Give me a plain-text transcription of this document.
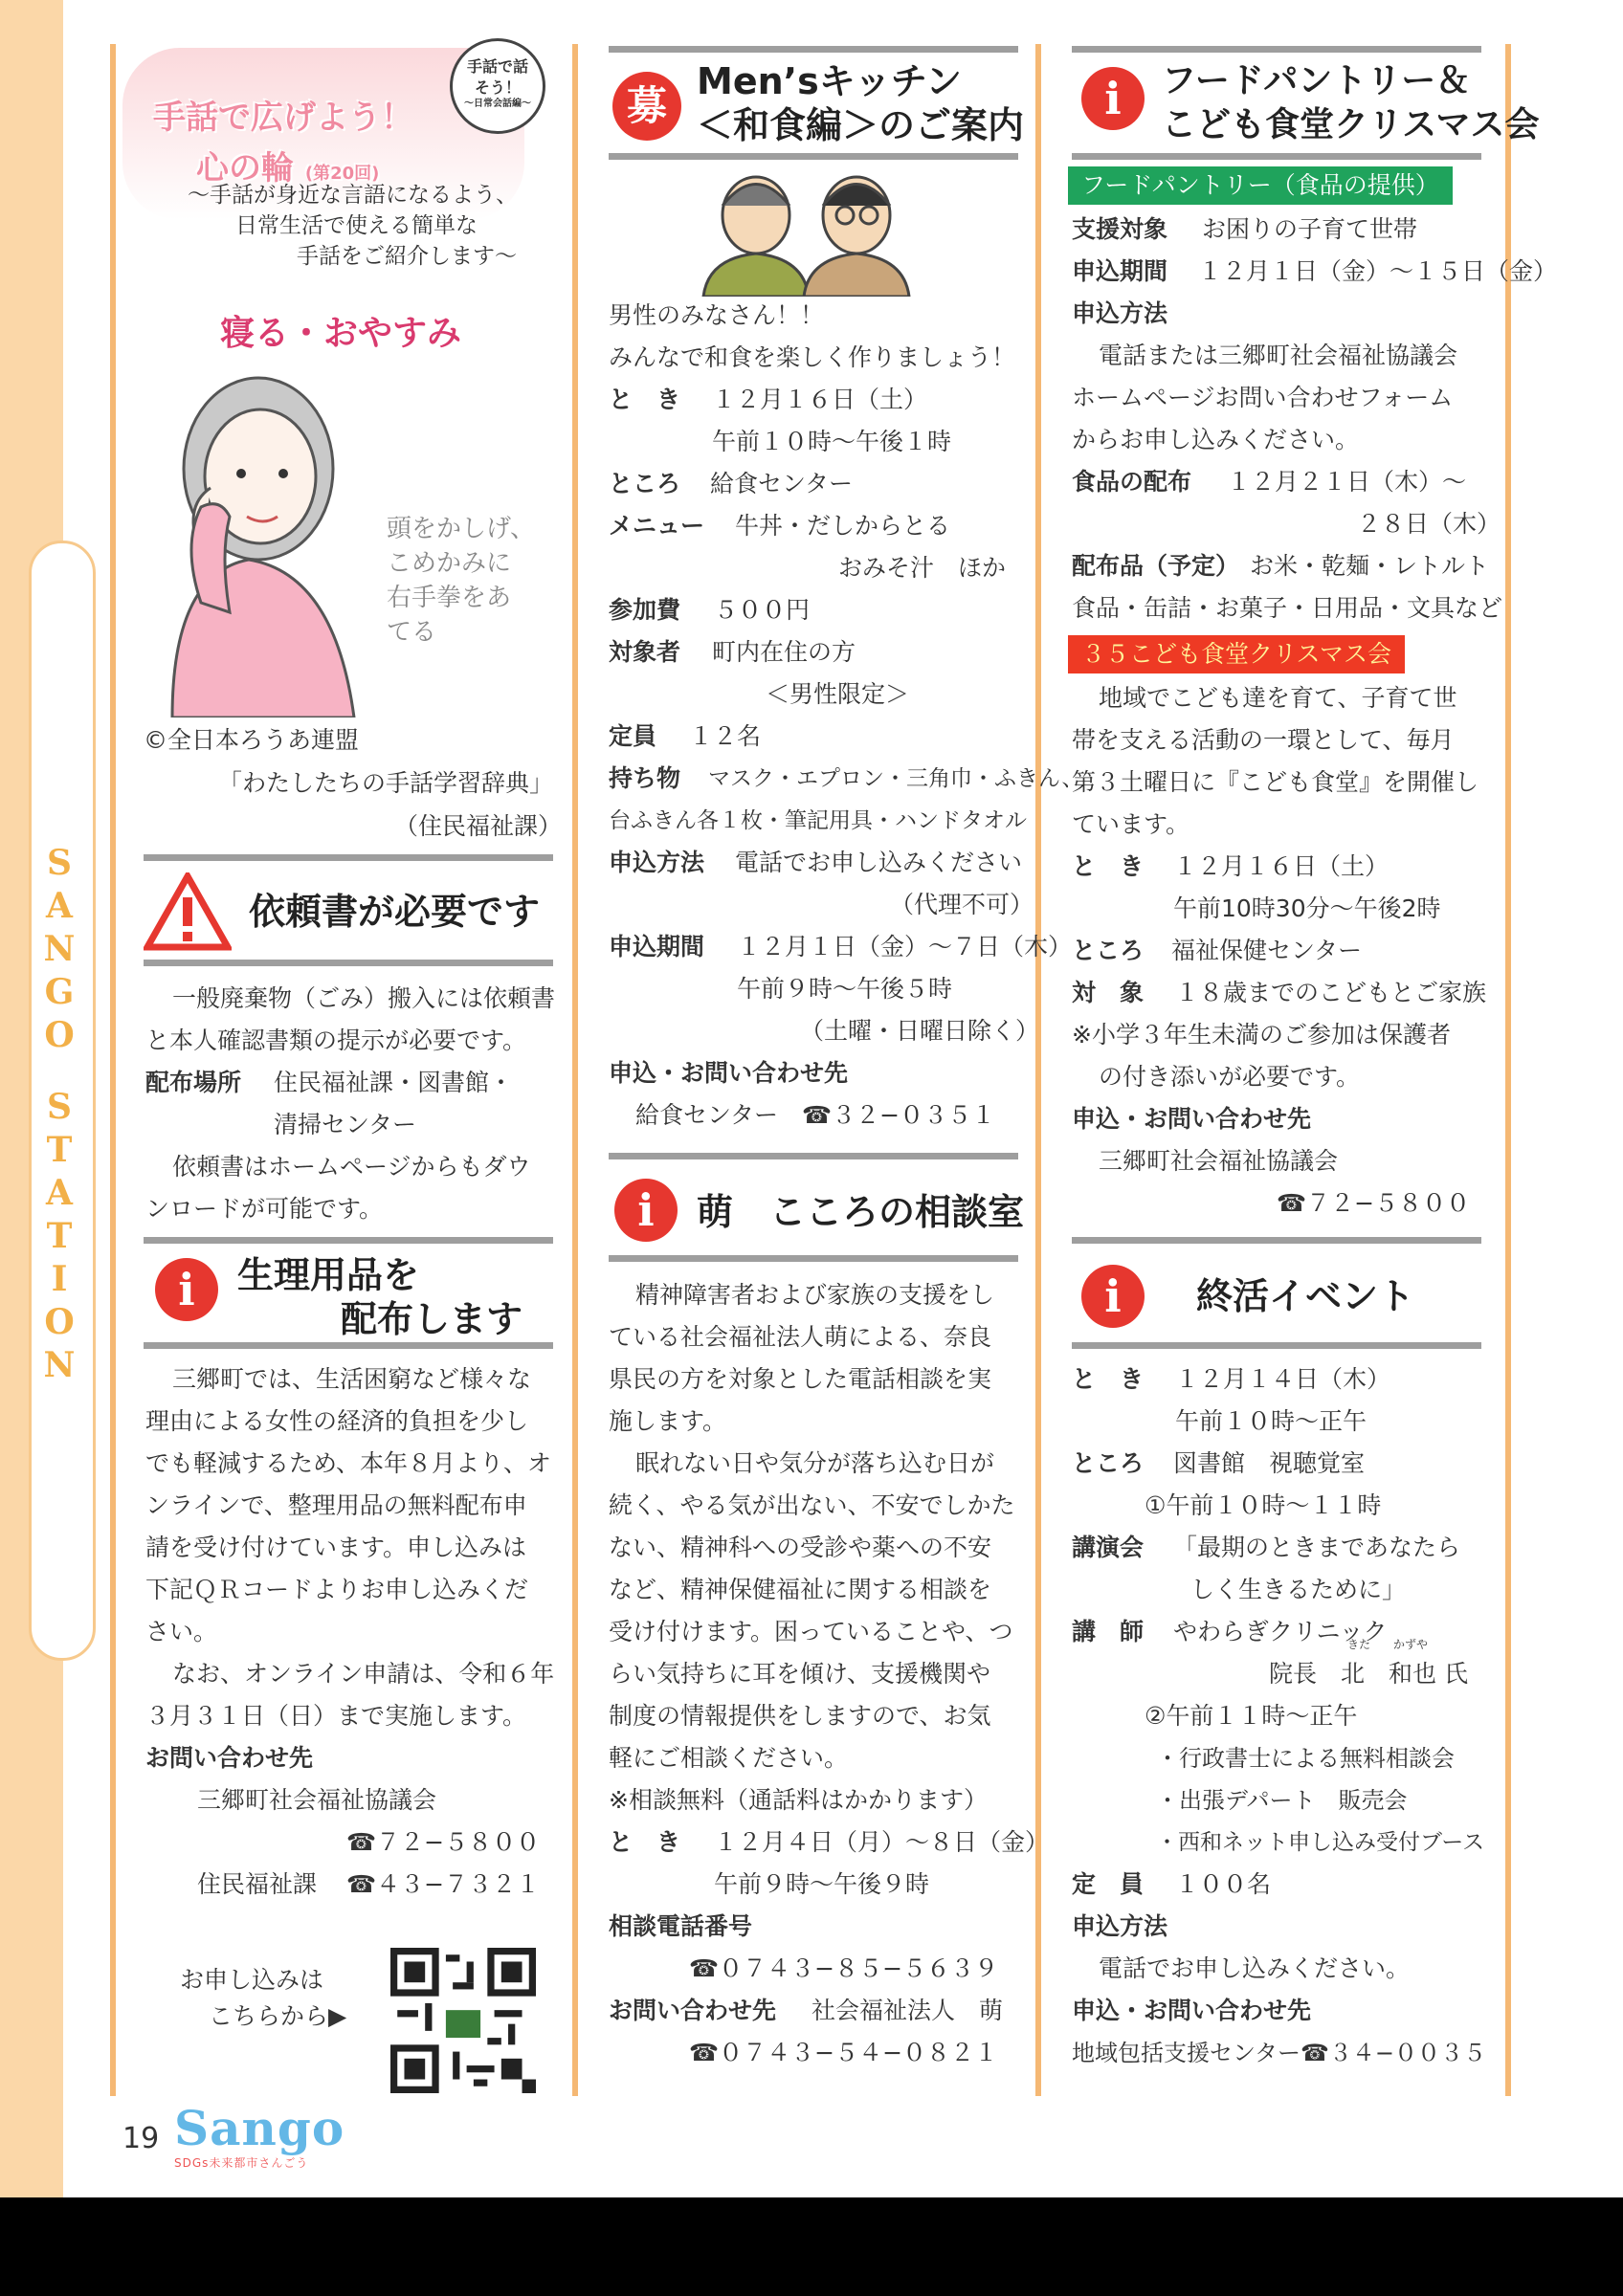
S
A
N
G
O
S
T
A
T
I
O
N
手話で話そう！
〜日常会話編〜
手話で広げよう！
心の輪 (第20回)
〜手話が身近な言語になるよう、
日常生活で使える簡単な
手話をご紹介します〜
寝る・おやすみ
頭をかしげ、
こめかみに
右手拳をあ
てる
©全日本ろうあ連盟
「わたしたちの手話学習辞典」
（住民福祉課）
依頼書が必要です
一般廃棄物（ごみ）搬入には依頼書
と本人確認書類の提示が必要です。
配布場所 住民福祉課・図書館・
清掃センター
依頼書はホームページからもダウ
ンロードが可能です。
i	生理用品を
配布します
三郷町では、生活困窮など様々な
理由による女性の経済的負担を少し
でも軽減するため、本年８月より、オ
ンラインで、整理用品の無料配布申
請を受け付けています。申し込みは
下記ＱＲコードよりお申し込みくだ
さい。
なお、オンライン申請は、令和６年
３月３１日（日）まで実施します。
お問い合わせ先
三郷町社会福祉協議会
☎７２−５８００
住民福祉課 ☎４３−７３２１
お申し込みは
こちらから▶
19 Sango
SDGs未来都市さんごう
募
Men’sキッチン
＜和食編＞のご案内
男性のみなさん！！
みんなで和食を楽しく作りましょう！
と　き １２月１６日（土）
午前１０時〜午後１時
ところ 給食センター
メニュー 牛丼・だしからとる
おみそ汁　ほか
参加費 ５００円
対象者 町内在住の方
＜男性限定＞
定員 １２名
持ち物 マスク・エプロン・三角巾・ふきん、
台ふきん各１枚・筆記用具・ハンドタオル
申込方法 電話でお申し込みください
（代理不可）
申込期間 １２月１日（金）〜７日（木）
午前９時〜午後５時
（土曜・日曜日除く）
申込・お問い合わせ先
給食センター　☎３２−０３５１
i	萌　こころの相談室
精神障害者および家族の支援をし
ている社会福祉法人萌による、奈良
県民の方を対象とした電話相談を実
施します。
眠れない日や気分が落ち込む日が
続く、やる気が出ない、不安でしかた
ない、精神科への受診や薬への不安
など、精神保健福祉に関する相談を
受け付けます。困っていることや、つ
らい気持ちに耳を傾け、支援機関や
制度の情報提供をしますので、お気
軽にご相談ください。
※相談無料（通話料はかかります）
と　き １２月４日（月）〜８日（金）
午前９時〜午後９時
相談電話番号
☎０７４３−８５−５６３９
お問い合わせ先 社会福祉法人　萌
☎０７４３−５４−０８２１
i	フードパントリー＆
こども食堂クリスマス会
フードパントリー（食品の提供）
支援対象 お困りの子育て世帯
申込期間 １２月１日（金）〜１５日（金）
申込方法
電話または三郷町社会福祉協議会
ホームページお問い合わせフォーム
からお申し込みください。
食品の配布 １２月２１日（木）〜
２８日（木）
配布品（予定） お米・乾麺・レトルト
食品・缶詰・お菓子・日用品・文具など
３５こども食堂クリスマス会
地域でこども達を育て、子育て世
帯を支える活動の一環として、毎月
第３土曜日に『こども食堂』を開催し
ています。
と　き １２月１６日（土）
午前10時30分〜午後2時
ところ 福祉保健センター
対　象 １８歳までのこどもとご家族
※小学３年生未満のご参加は保護者
の付き添いが必要です。
申込・お問い合わせ先
三郷町社会福祉協議会
☎７２−５８００
i	終活イベント
と　き １２月１４日（木）
午前１０時〜正午
ところ 図書館　視聴覚室
①午前１０時〜１１時
講演会 「最期のときまであなたら
しく生きるために」
講　師 やわらぎクリニック
きた　　かずや
院長　北　和也 氏
②午前１１時〜正午
・行政書士による無料相談会
・出張デパート　販売会
・西和ネット申し込み受付ブース
定　員 １００名
申込方法
電話でお申し込みください。
申込・お問い合わせ先
地域包括支援センター☎３４−００３５
